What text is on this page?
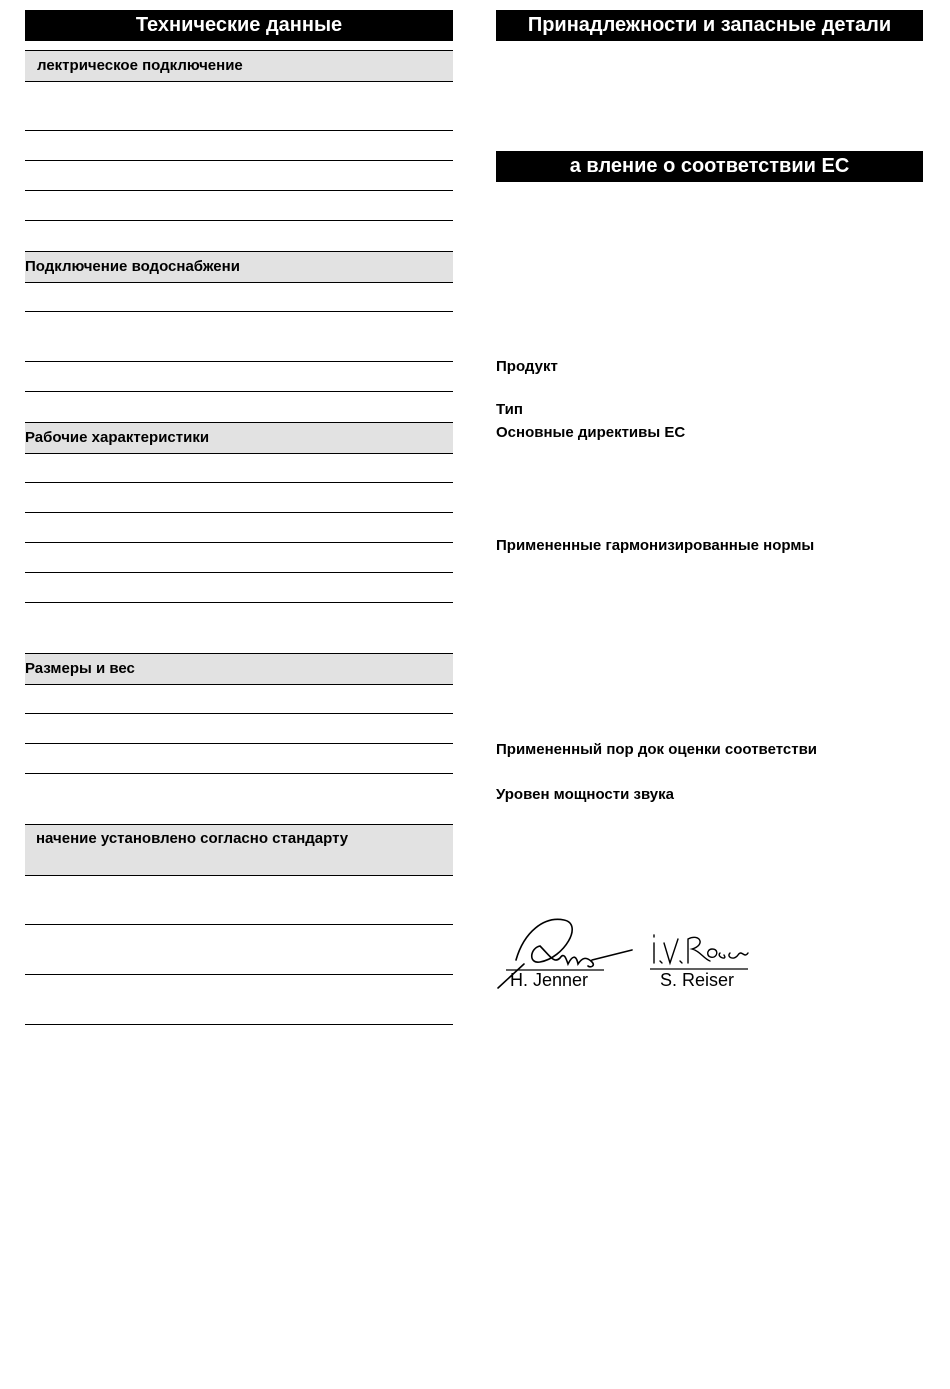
Технические данные
лектрическое подключение
Подключение водоснабжени
Рабочие характеристики
Размеры и вес
начение установлено согласно стандарту
Принадлежности и запасные детали
а вление о соответствии ЕС
Продукт
Тип
Основные директивы ЕС
Примененные гармонизированные нормы
Примененный пор док оценки соответстви
Уровен мощности звука
H. Jenner	S. Reiser
